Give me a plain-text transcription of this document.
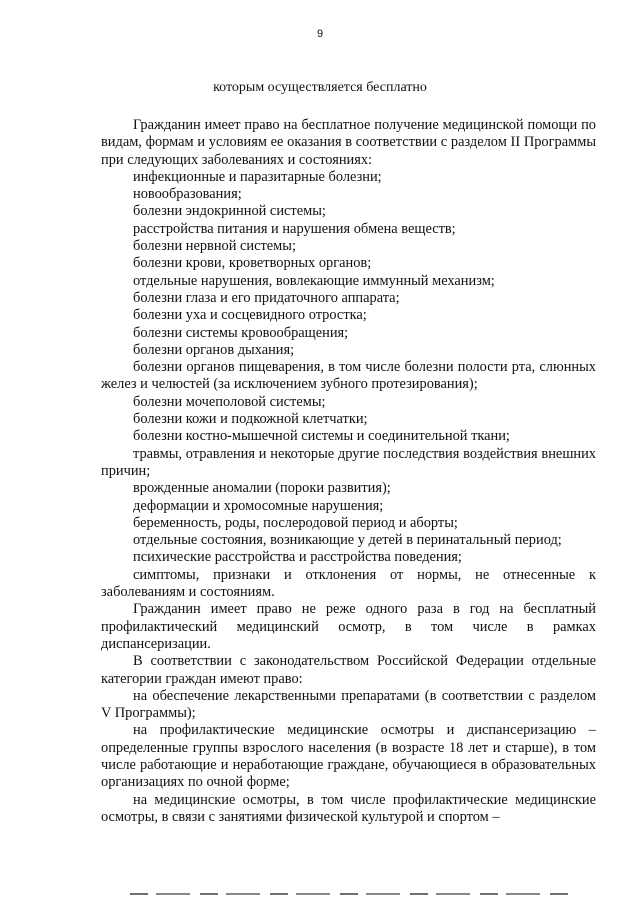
9
которым осуществляется бесплатно

Гражданин имеет право на бесплатное получение медицинской помощи по видам, формам и условиям ее оказания в соответствии с разделом II Программы при следующих заболеваниях и состояниях:

инфекционные и паразитарные болезни;

новообразования;

болезни эндокринной системы;

расстройства питания и нарушения обмена веществ;

болезни нервной системы;

болезни крови, кроветворных органов;

отдельные нарушения, вовлекающие иммунный механизм;

болезни глаза и его придаточного аппарата;

болезни уха и сосцевидного отростка;

болезни системы кровообращения;

болезни органов дыхания;

болезни органов пищеварения, в том числе болезни полости рта, слюнных желез и челюстей (за исключением зубного протезирования);

болезни мочеполовой системы;

болезни кожи и подкожной клетчатки;

болезни костно-мышечной системы и соединительной ткани;

травмы, отравления и некоторые другие последствия воздействия внешних причин;

врожденные аномалии (пороки развития);

деформации и хромосомные нарушения;

беременность, роды, послеродовой период и аборты;

отдельные состояния, возникающие у детей в перинатальный период;

психические расстройства и расстройства поведения;

симптомы, признаки и отклонения от нормы, не отнесенные к заболеваниям и состояниям.

Гражданин имеет право не реже одного раза в год на бесплатный профилактический медицинский осмотр, в том числе в рамках диспансеризации.

В соответствии с законодательством Российской Федерации отдельные категории граждан имеют право:

на обеспечение лекарственными препаратами (в соответствии с разделом V Программы);

на профилактические медицинские осмотры и диспансеризацию – определенные группы взрослого населения (в возрасте 18 лет и старше), в том числе работающие и неработающие граждане, обучающиеся в образовательных организациях по очной форме;

на медицинские осмотры, в том числе профилактические медицинские осмотры, в связи с занятиями физической культурой и спортом –
